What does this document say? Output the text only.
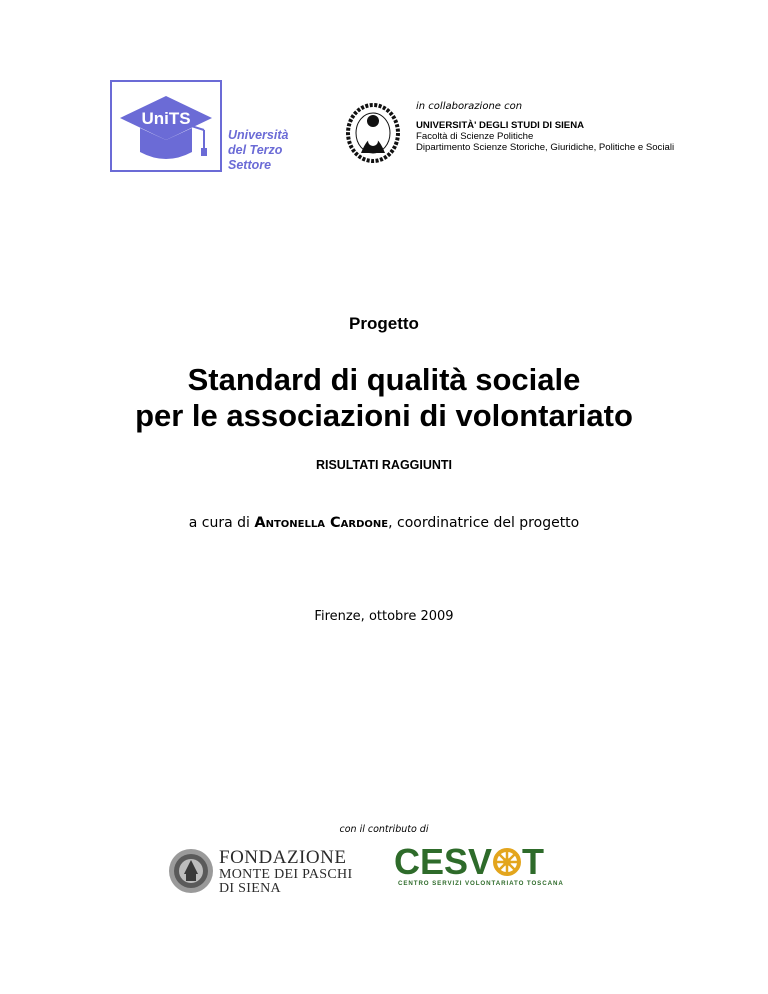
UniTS
Università
del Terzo
Settore
in collaborazione con
UNIVERSITÀ' DEGLI STUDI DI SIENA
Facoltà di Scienze Politiche
Dipartimento Scienze Storiche, Giuridiche, Politiche e Sociali
Progetto
Standard di qualità sociale
per le associazioni di volontariato
RISULTATI RAGGIUNTI
a cura di Antonella Cardone, coordinatrice del progetto
Firenze, ottobre 2009
con il contributo di
FONDAZIONE
MONTE DEI PASCHI
DI SIENA
CESV T
CENTRO SERVIZI VOLONTARIATO TOSCANA
